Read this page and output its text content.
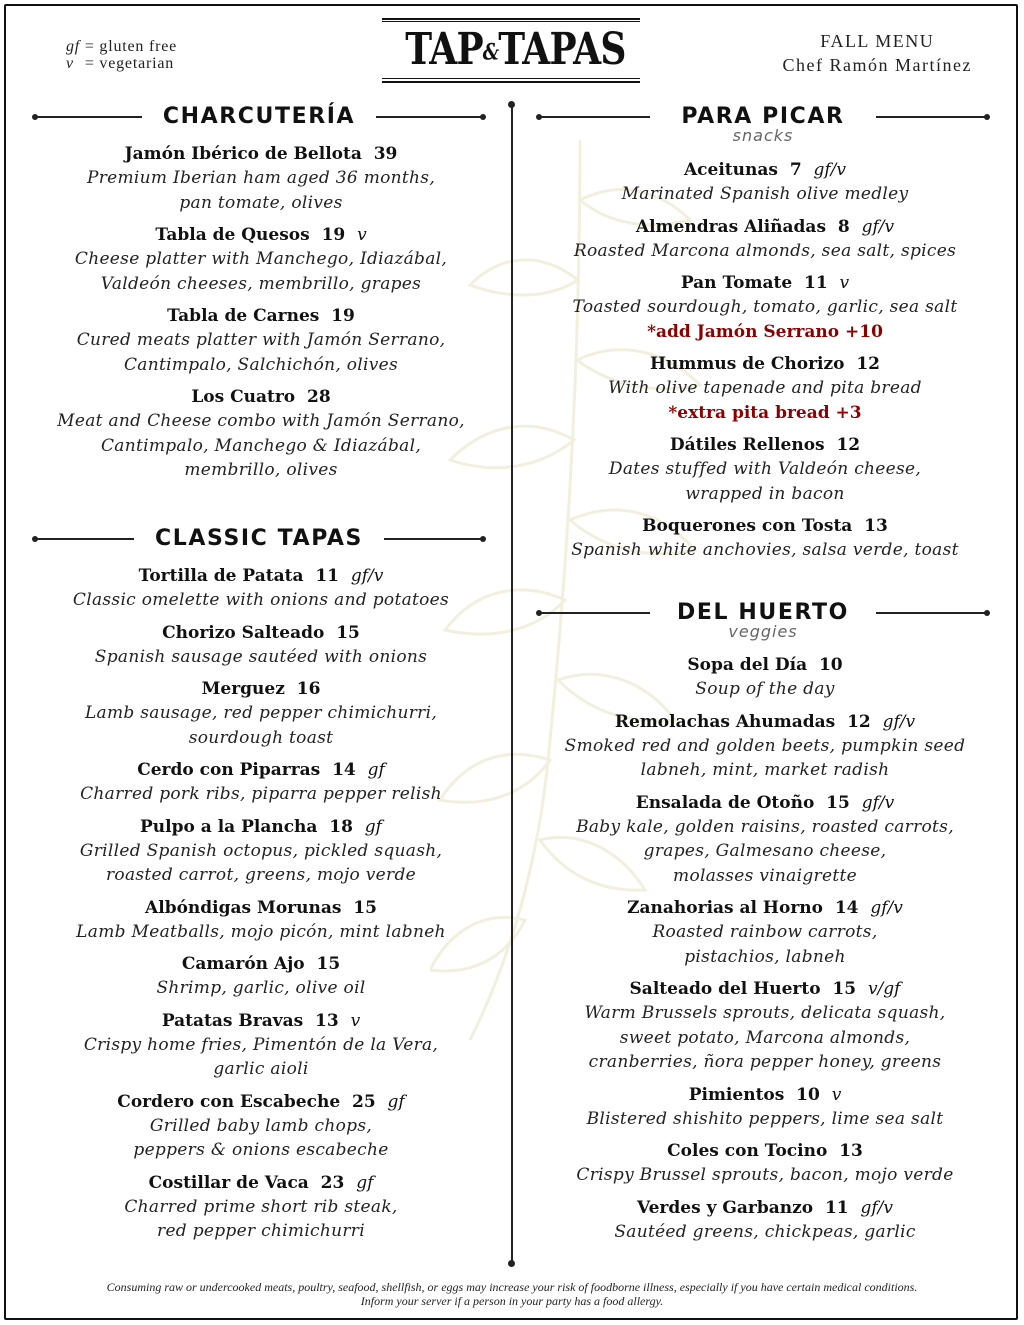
gf = gluten free
v = vegetarian	TAP&TAPAS	FALL MENU
Chef Ramón Martínez
CHARCUTERÍA
CLASSIC TAPAS
PARA PICAR
snacks
DEL HUERTO
veggies
Jamón Ibérico de Bellota 39
Premium Iberian ham aged 36 months,
pan tomate, olives
Tabla de Quesos 19 v
Cheese platter with Manchego, Idiazábal,
Valdeón cheeses, membrillo, grapes
Tabla de Carnes 19
Cured meats platter with Jamón Serrano,
Cantimpalo, Salchichón, olives
Los Cuatro 28
Meat and Cheese combo with Jamón Serrano,
Cantimpalo, Manchego & Idiazábal,
membrillo, olives
Tortilla de Patata 11 gf/v
Classic omelette with onions and potatoes
Chorizo Salteado 15
Spanish sausage sautéed with onions
Merguez 16
Lamb sausage, red pepper chimichurri,
sourdough toast
Cerdo con Piparras 14 gf
Charred pork ribs, piparra pepper relish
Pulpo a la Plancha 18 gf
Grilled Spanish octopus, pickled squash,
roasted carrot, greens, mojo verde
Albóndigas Morunas 15
Lamb Meatballs, mojo picón, mint labneh
Camarón Ajo 15
Shrimp, garlic, olive oil
Patatas Bravas 13 v
Crispy home fries, Pimentón de la Vera,
garlic aioli
Cordero con Escabeche 25 gf
Grilled baby lamb chops,
peppers & onions escabeche
Costillar de Vaca 23 gf
Charred prime short rib steak,
red pepper chimichurri
Aceitunas 7 gf/v
Marinated Spanish olive medley
Almendras Aliñadas 8 gf/v
Roasted Marcona almonds, sea salt, spices
Pan Tomate 11 v
Toasted sourdough, tomato, garlic, sea salt
*add Jamón Serrano +10
Hummus de Chorizo 12
With olive tapenade and pita bread
*extra pita bread +3
Dátiles Rellenos 12
Dates stuffed with Valdeón cheese,
wrapped in bacon
Boquerones con Tosta 13
Spanish white anchovies, salsa verde, toast
Sopa del Día 10
Soup of the day
Remolachas Ahumadas 12 gf/v
Smoked red and golden beets, pumpkin seed
labneh, mint, market radish
Ensalada de Otoño 15 gf/v
Baby kale, golden raisins, roasted carrots,
grapes, Galmesano cheese,
molasses vinaigrette
Zanahorias al Horno 14 gf/v
Roasted rainbow carrots,
pistachios, labneh
Salteado del Huerto 15 v/gf
Warm Brussels sprouts, delicata squash,
sweet potato, Marcona almonds,
cranberries, ñora pepper honey, greens
Pimientos 10 v
Blistered shishito peppers, lime sea salt
Coles con Tocino 13
Crispy Brussel sprouts, bacon, mojo verde
Verdes y Garbanzo 11 gf/v
Sautéed greens, chickpeas, garlic
Consuming raw or undercooked meats, poultry, seafood, shellfish, or eggs may increase your risk of foodborne illness, especially if you have certain medical conditions.
Inform your server if a person in your party has a food allergy.
